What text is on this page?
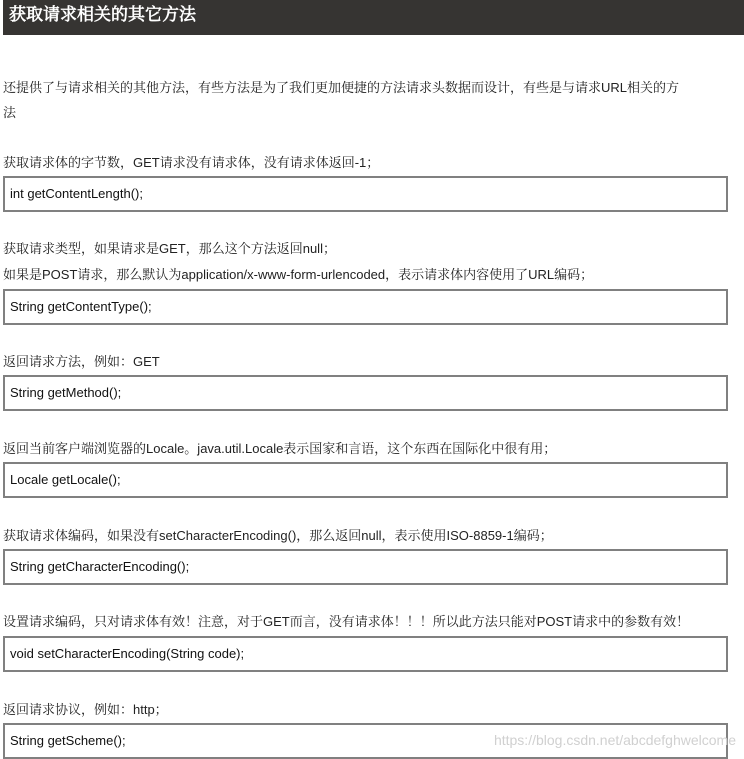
获取请求相关的其它方法
还提供了与请求相关的其他方法，有些方法是为了我们更加便捷的方法请求头数据而设计，有些是与请求URL相关的方
法
获取请求体的字节数，GET请求没有请求体，没有请求体返回-1；
int getContentLength();
获取请求类型，如果请求是GET，那么这个方法返回null；
如果是POST请求，那么默认为application/x-www-form-urlencoded，表示请求体内容使用了URL编码；
String getContentType();
返回请求方法，例如：GET
String getMethod();
返回当前客户端浏览器的Locale。java.util.Locale表示国家和言语，这个东西在国际化中很有用；
Locale getLocale();
获取请求体编码，如果没有setCharacterEncoding()，那么返回null，表示使用ISO-8859-1编码；
String getCharacterEncoding();
设置请求编码，只对请求体有效！注意，对于GET而言，没有请求体！！！所以此方法只能对POST请求中的参数有效！
void setCharacterEncoding(String code);
返回请求协议，例如：http；
String getScheme();	https://blog.csdn.net/abcdefghwelcome
